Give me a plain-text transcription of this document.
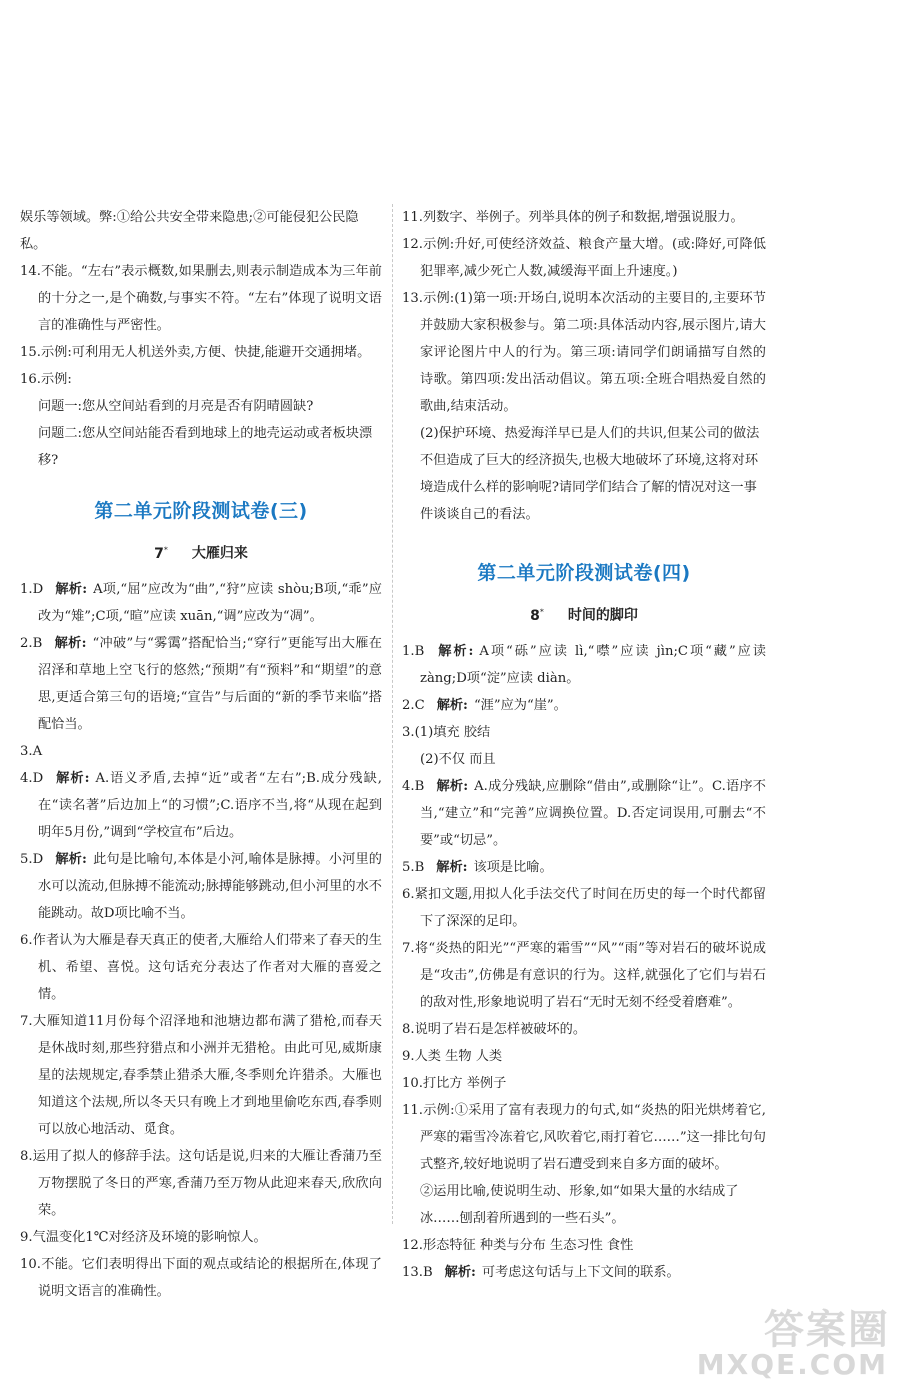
娱乐等领域。弊:①给公共安全带来隐患;②可能侵犯公民隐私。

14.不能。“左右”表示概数,如果删去,则表示制造成本为三年前的十分之一,是个确数,与事实不符。“左右”体现了说明文语言的准确性与严密性。

15.示例:可利用无人机送外卖,方便、快捷,能避开交通拥堵。

16.示例:

问题一:您从空间站看到的月亮是否有阴晴圆缺?

问题二:您从空间站能否看到地球上的地壳运动或者板块漂移?

第二单元阶段测试卷(三)
7* 大雁归来

1.D 解析: A项,“屈”应改为“曲”,“狩”应读 shòu;B项,“乖”应改为“雉”;C项,“暄”应读 xuān,“调”应改为“凋”。

2.B 解析: “冲破”与“雾霭”搭配恰当;“穿行”更能写出大雁在沼泽和草地上空飞行的悠然;“预期”有“预料”和“期望”的意思,更适合第三句的语境;“宣告”与后面的“新的季节来临”搭配恰当。

3.A

4.D 解析: A.语义矛盾,去掉“近”或者“左右”;B.成分残缺,在“读名著”后边加上“的习惯”;C.语序不当,将“从现在起到明年5月份,”调到“学校宣布”后边。

5.D 解析: 此句是比喻句,本体是小河,喻体是脉搏。小河里的水可以流动,但脉搏不能流动;脉搏能够跳动,但小河里的水不能跳动。故D项比喻不当。

6.作者认为大雁是春天真正的使者,大雁给人们带来了春天的生机、希望、喜悦。这句话充分表达了作者对大雁的喜爱之情。

7.大雁知道11月份每个沼泽地和池塘边都布满了猎枪,而春天是休战时刻,那些狩猎点和小洲并无猎枪。由此可见,威斯康星的法规规定,春季禁止猎杀大雁,冬季则允许猎杀。大雁也知道这个法规,所以冬天只有晚上才到地里偷吃东西,春季则可以放心地活动、觅食。

8.运用了拟人的修辞手法。这句话是说,归来的大雁让香蒲乃至万物摆脱了冬日的严寒,香蒲乃至万物从此迎来春天,欣欣向荣。

9.气温变化1℃对经济及环境的影响惊人。

10.不能。它们表明得出下面的观点或结论的根据所在,体现了说明文语言的准确性。

11.列数字、举例子。列举具体的例子和数据,增强说服力。

12.示例:升好,可使经济效益、粮食产量大增。(或:降好,可降低犯罪率,减少死亡人数,减缓海平面上升速度。)

13.示例:(1)第一项:开场白,说明本次活动的主要目的,主要环节并鼓励大家积极参与。第二项:具体活动内容,展示图片,请大家评论图片中人的行为。第三项:请同学们朗诵描写自然的诗歌。第四项:发出活动倡议。第五项:全班合唱热爱自然的歌曲,结束活动。

(2)保护环境、热爱海洋早已是人们的共识,但某公司的做法不但造成了巨大的经济损失,也极大地破坏了环境,这将对环境造成什么样的影响呢?请同学们结合了解的情况对这一事件谈谈自己的看法。

第二单元阶段测试卷(四)
8* 时间的脚印

1.B 解析: A项“砾”应读 lì,“噤”应读 jìn;C项“藏”应读 zàng;D项“淀”应读 diàn。

2.C 解析: “涯”应为“崖”。

3.(1)填充 胶结

(2)不仅 而且

4.B 解析: A.成分残缺,应删除“借由”,或删除“让”。C.语序不当,“建立”和“完善”应调换位置。D.否定词误用,可删去“不要”或“切忌”。

5.B 解析: 该项是比喻。

6.紧扣文题,用拟人化手法交代了时间在历史的每一个时代都留下了深深的足印。

7.将“炎热的阳光”“严寒的霜雪”“风”“雨”等对岩石的破坏说成是“攻击”,仿佛是有意识的行为。这样,就强化了它们与岩石的敌对性,形象地说明了岩石“无时无刻不经受着磨难”。

8.说明了岩石是怎样被破坏的。

9.人类 生物 人类

10.打比方 举例子

11.示例:①采用了富有表现力的句式,如“炎热的阳光烘烤着它,严寒的霜雪冷冻着它,风吹着它,雨打着它……”这一排比句句式整齐,较好地说明了岩石遭受到来自多方面的破坏。

②运用比喻,使说明生动、形象,如“如果大量的水结成了冰……刨刮着所遇到的一些石头”。

12.形态特征 种类与分布 生态习性 食性

13.B 解析: 可考虑这句话与上下文间的联系。

答案圈
MXQE.COM
